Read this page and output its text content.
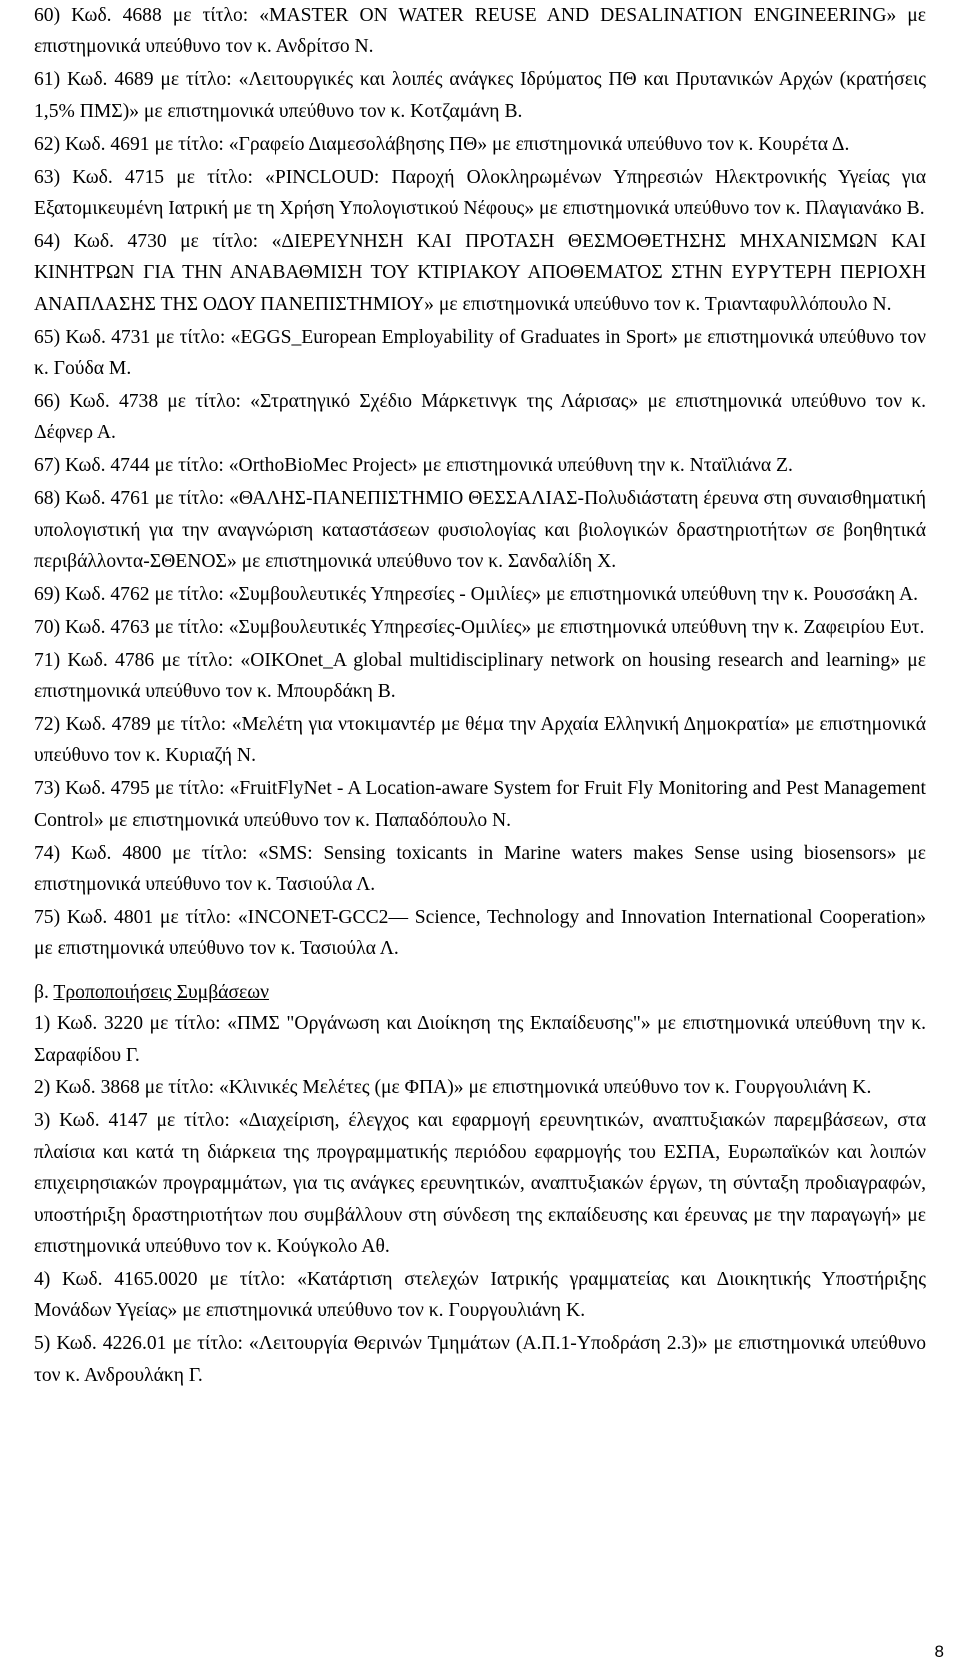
60) Κωδ. 4688 με τίτλο: «MASTER ON WATER REUSE AND DESALINATION ENGINEERING» με επιστημονικά υπεύθυνο τον κ. Ανδρίτσο Ν.

61) Κωδ. 4689 με τίτλο: «Λειτουργικές και λοιπές ανάγκες Ιδρύματος ΠΘ και Πρυτανικών Αρχών (κρατήσεις 1,5% ΠΜΣ)» με επιστημονικά υπεύθυνο τον κ. Κοτζαμάνη Β.

62) Κωδ. 4691 με τίτλο: «Γραφείο Διαμεσολάβησης ΠΘ» με επιστημονικά υπεύθυνο τον κ. Κουρέτα Δ.

63) Κωδ. 4715 με τίτλο: «PINCLOUD: Παροχή Ολοκληρωμένων Υπηρεσιών Ηλεκτρονικής Υγείας για Εξατομικευμένη Ιατρική με τη Χρήση Υπολογιστικού Νέφους» με επιστημονικά υπεύθυνο τον κ. Πλαγιανάκο Β.

64) Κωδ. 4730 με τίτλο: «ΔΙΕΡΕΥΝΗΣΗ ΚΑΙ ΠΡΟΤΑΣΗ ΘΕΣΜΟΘΕΤΗΣΗΣ ΜΗΧΑΝΙΣΜΩΝ ΚΑΙ ΚΙΝΗΤΡΩΝ ΓΙΑ ΤΗΝ ΑΝΑΒΑΘΜΙΣΗ ΤΟΥ ΚΤΙΡΙΑΚΟΥ ΑΠΟΘΕΜΑΤΟΣ ΣΤΗΝ ΕΥΡΥΤΕΡΗ ΠΕΡΙΟΧΗ ΑΝΑΠΛΑΣΗΣ ΤΗΣ ΟΔΟΥ ΠΑΝΕΠΙΣΤΗΜΙΟΥ» με επιστημονικά υπεύθυνο τον κ. Τριανταφυλλόπουλο Ν.

65) Κωδ. 4731 με τίτλο: «EGGS_European Employability of Graduates in Sport» με επιστημονικά υπεύθυνο τον κ. Γούδα Μ.

66) Κωδ. 4738 με τίτλο: «Στρατηγικό Σχέδιο Μάρκετινγκ της Λάρισας» με επιστημονικά υπεύθυνο τον κ. Δέφνερ Α.

67) Κωδ. 4744 με τίτλο: «OrthoBioMec Project» με επιστημονικά υπεύθυνη την κ. Νταϊλιάνα Ζ.

68) Κωδ. 4761 με τίτλο: «ΘΑΛΗΣ-ΠΑΝΕΠΙΣΤΗΜΙΟ ΘΕΣΣΑΛΙΑΣ-Πολυδιάστατη έρευνα στη συναισθηματική υπολογιστική για την αναγνώριση καταστάσεων φυσιολογίας και βιολογικών δραστηριοτήτων σε βοηθητικά περιβάλλοντα-ΣΘΕΝΟΣ» με επιστημονικά υπεύθυνο τον κ. Σανδαλίδη Χ.

69) Κωδ. 4762 με τίτλο: «Συμβουλευτικές Υπηρεσίες - Ομιλίες» με επιστημονικά υπεύθυνη την κ. Ρουσσάκη Α.

70) Κωδ. 4763 με τίτλο: «Συμβουλευτικές Υπηρεσίες-Ομιλίες» με επιστημονικά υπεύθυνη την κ. Ζαφειρίου Ευτ.

71) Κωδ. 4786 με τίτλο: «OIKOnet_A global multidisciplinary network on housing research and learning» με επιστημονικά υπεύθυνο τον κ. Μπουρδάκη Β.

72) Κωδ. 4789 με τίτλο: «Μελέτη για ντοκιμαντέρ με θέμα την Αρχαία Ελληνική Δημοκρατία» με επιστημονικά υπεύθυνο τον κ. Κυριαζή Ν.

73) Κωδ. 4795 με τίτλο: «FruitFlyNet - A Location-aware System for Fruit Fly Monitoring and Pest Management Control» με επιστημονικά υπεύθυνο τον κ. Παπαδόπουλο Ν.

74) Κωδ. 4800 με τίτλο: «SMS: Sensing toxicants in Marine waters makes Sense using biosensors» με επιστημονικά υπεύθυνο τον κ. Τασιούλα Λ.

75) Κωδ. 4801 με τίτλο: «INCONET-GCC2— Science, Technology and Innovation International Cooperation» με επιστημονικά υπεύθυνο τον κ. Τασιούλα Λ.

β. Τροποποιήσεις Συμβάσεων

1) Κωδ. 3220 με τίτλο: «ΠΜΣ "Οργάνωση και Διοίκηση της Εκπαίδευσης"» με επιστημονικά υπεύθυνη την κ. Σαραφίδου Γ.

2) Κωδ. 3868 με τίτλο: «Κλινικές Μελέτες (με ΦΠΑ)» με επιστημονικά υπεύθυνο τον κ. Γουργουλιάνη Κ.

3) Κωδ. 4147 με τίτλο: «Διαχείριση, έλεγχος και εφαρμογή ερευνητικών, αναπτυξιακών παρεμβάσεων, στα πλαίσια και κατά τη διάρκεια της προγραμματικής περιόδου εφαρμογής του ΕΣΠΑ, Ευρωπαϊκών και λοιπών επιχειρησιακών προγραμμάτων, για τις ανάγκες ερευνητικών, αναπτυξιακών έργων, τη σύνταξη προδιαγραφών, υποστήριξη δραστηριοτήτων που συμβάλλουν στη σύνδεση της εκπαίδευσης και έρευνας με την παραγωγή» με επιστημονικά υπεύθυνο τον κ. Κούγκολο Αθ.

4) Κωδ. 4165.0020 με τίτλο: «Κατάρτιση στελεχών Ιατρικής γραμματείας και Διοικητικής Υποστήριξης Μονάδων Υγείας» με επιστημονικά υπεύθυνο τον κ. Γουργουλιάνη Κ.

5) Κωδ. 4226.01 με τίτλο: «Λειτουργία Θερινών Τμημάτων (Α.Π.1-Υποδράση 2.3)» με επιστημονικά υπεύθυνο τον κ. Ανδρουλάκη Γ.

8
